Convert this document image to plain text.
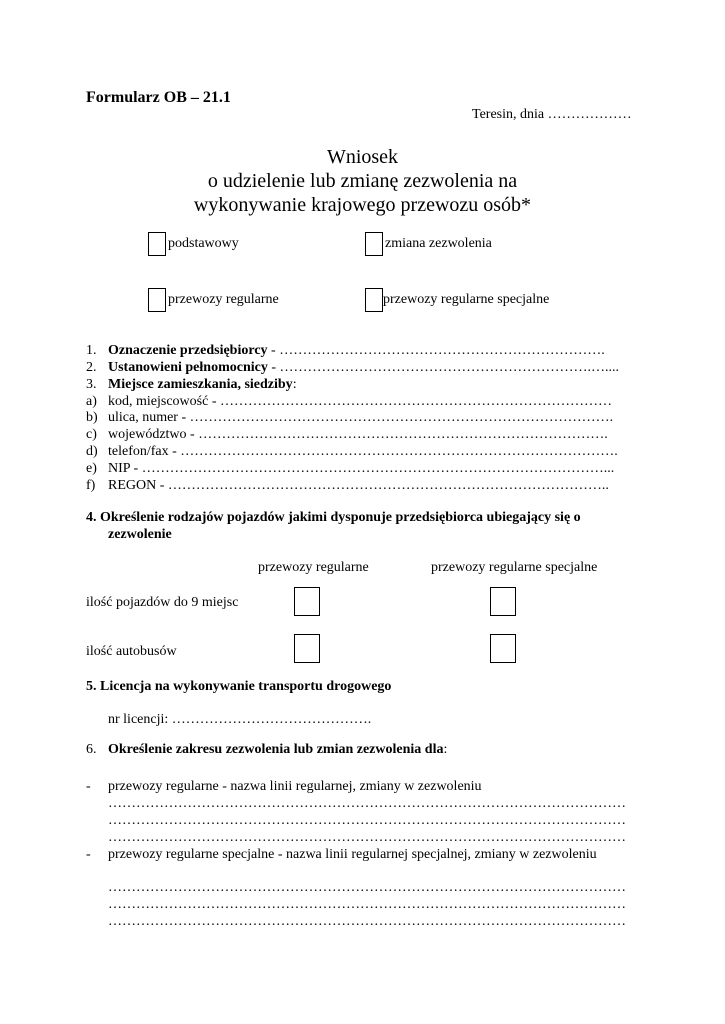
Formularz OB – 21.1
Teresin, dnia ………………
Wniosek
o udzielenie lub zmianę zezwolenia na
wykonywanie krajowego przewozu osób*
podstawowy	zmiana zezwolenia
przewozy regularne	przewozy regularne specjalne
1. Oznaczenie przedsiębiorcy - …………………………………………………………….
2. Ustanowieni pełnomocnicy - ………………………………………………………….…....
3. Miejsce zamieszkania, siedziby:
a) kod, miejscowość - …………………………………………………………………………
b) ulica, numer - ……………………………………………………………………………….
c) województwo - …………………………………………………………………………….
d) telefon/fax - ………………………………………………………………………………….
e) NIP - ………………………………………………………………………………………...
f) REGON - …………………………………………………………………………………..
4. Określenie rodzajów pojazdów jakimi dysponuje przedsiębiorca ubiegający się o
zezwolenie
przewozy regularne	przewozy regularne specjalne
ilość pojazdów do 9 miejsc
ilość autobusów
5. Licencja na wykonywanie transportu drogowego
nr licencji: …………………………………….
6. Określenie zakresu zezwolenia lub zmian zezwolenia dla:
- przewozy regularne - nazwa linii regularnej, zmiany w zezwoleniu
…………………………………………………………………………………………………
…………………………………………………………………………………………………
…………………………………………………………………………………………………
- przewozy regularne specjalne - nazwa linii regularnej specjalnej, zmiany w zezwoleniu
…………………………………………………………………………………………………
…………………………………………………………………………………………………
…………………………………………………………………………………………………
